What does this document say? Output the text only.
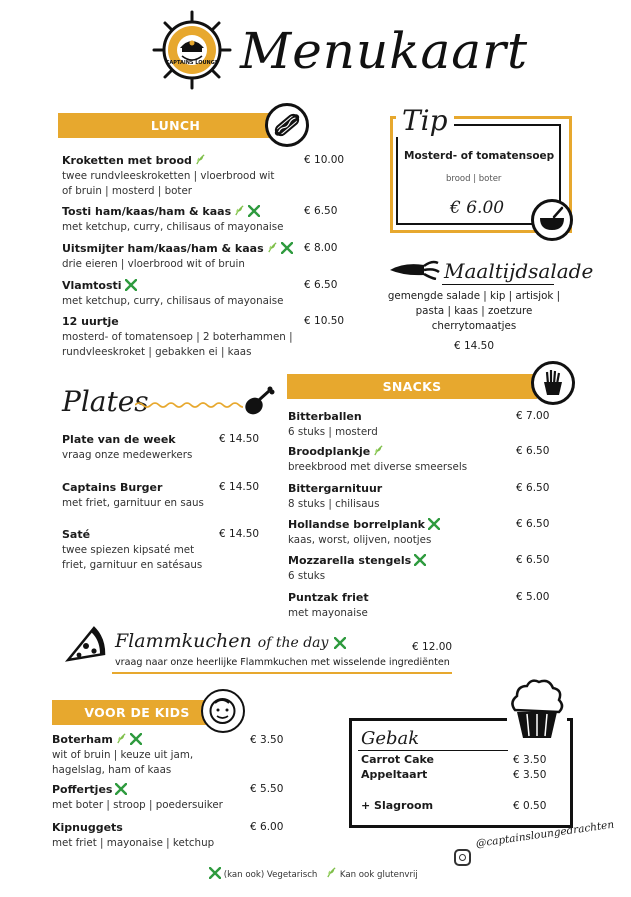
CAPTAINS LOUNGE Menukaart
LUNCH
Kroketten met brood
twee rundvleeskroketten | vloerbrood wit
of bruin | mosterd | boter
€ 10.00
Tosti ham/kaas/ham & kaas
met ketchup, curry, chilisaus of mayonaise
€ 6.50
Uitsmijter ham/kaas/ham & kaas
drie eieren | vloerbrood wit of bruin
€ 8.00
Vlamtosti
met ketchup, curry, chilisaus of mayonaise
€ 6.50
12 uurtje
mosterd- of tomatensoep | 2 boterhammen |
rundvleeskroket | gebakken ei | kaas
€ 10.50
Tip
Mosterd- of tomatensoep
brood | boter
€ 6.00
Maaltijdsalade
gemengde salade | kip | artisjok |
pasta | kaas | zoetzure
cherrytomaatjes
€ 14.50
Plates
Plate van de week
vraag onze medewerkers
€ 14.50
Captains Burger
met friet, garnituur en saus
€ 14.50
Saté
twee spiezen kipsaté met
friet, garnituur en satésaus
€ 14.50
SNACKS
Bitterballen
6 stuks | mosterd
€ 7.00
Broodplankje
breekbrood met diverse smeersels
€ 6.50
Bittergarnituur
8 stuks | chilisaus
€ 6.50
Hollandse borrelplank
kaas, worst, olijven, nootjes
€ 6.50
Mozzarella stengels
6 stuks
€ 6.50
Puntzak friet
met mayonaise
€ 5.00
Flammkuchen of the day	€ 12.00
vraag naar onze heerlijke Flammkuchen met wisselende ingrediënten
VOOR DE KIDS
Boterham
wit of bruin | keuze uit jam,
hagelslag, ham of kaas
€ 3.50
Poffertjes
met boter | stroop | poedersuiker
€ 5.50
Kipnuggets
met friet | mayonaise | ketchup
€ 6.00
Gebak
Carrot Cake	€ 3.50
Appeltaart	€ 3.50
+ Slagroom	€ 0.50
@captainsloungedrachten
(kan ook) Vegetarisch	Kan ook glutenvrij
